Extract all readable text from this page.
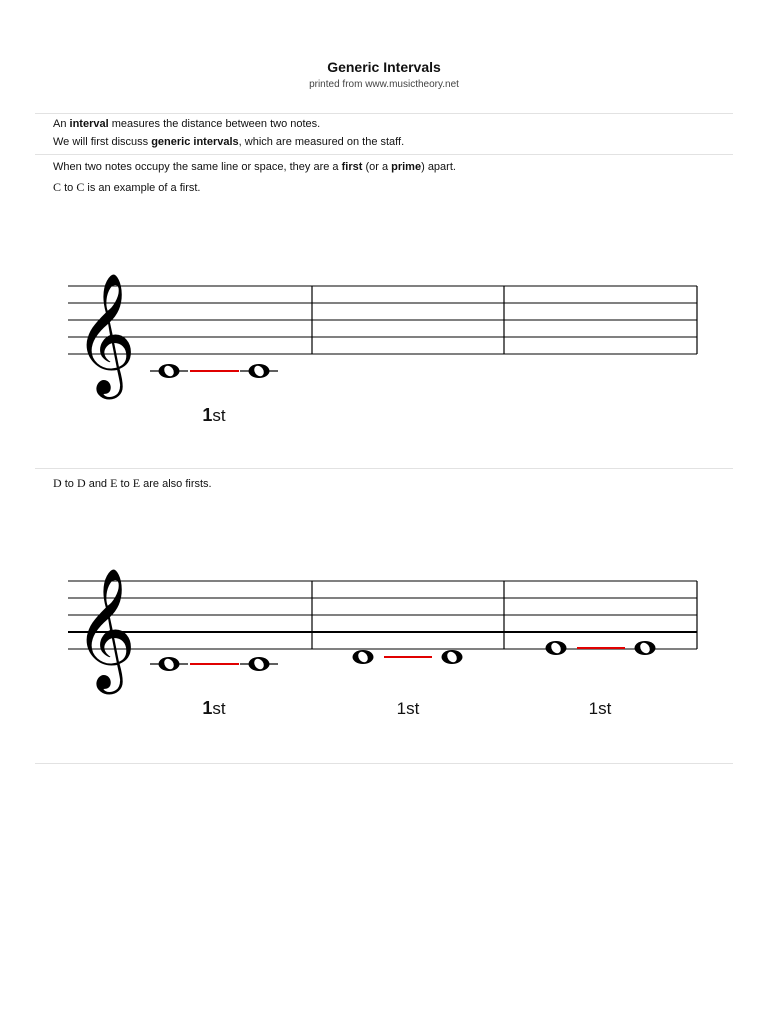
Generic Intervals
printed from www.musictheory.net
An interval measures the distance between two notes.
We will first discuss generic intervals, which are measured on the staff.
When two notes occupy the same line or space, they are a first (or a prime) apart.
C to C is an example of a first.
𝄞
1st
D to D and E to E are also firsts.
𝄞
1st	1st	1st
